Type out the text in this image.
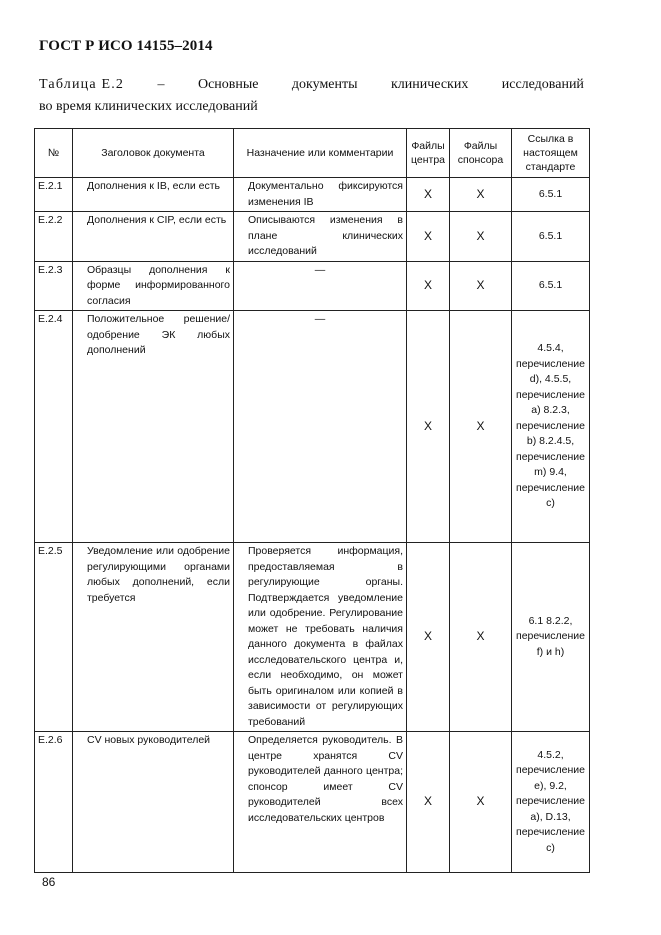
ГОСТ Р ИСО 14155–2014
Таблица Е.2 – Основные документы клинических исследований
во время клинических исследований
№	Заголовок документа	Назначение или комментарии	Файлы центра	Файлы спонсора	Ссылка в настоящем стандарте
Е.2.1	Дополнения к IB, если есть	Документально фиксируются изменения IB	X	X	6.5.1
Е.2.2	Дополнения к CIP, если есть	Описываются изменения в плане клинических исследований	X	X	6.5.1
Е.2.3	Образцы дополнения к форме информированного согласия	—	X	X	6.5.1
Е.2.4	Положительное решение/одобрение ЭК любых дополнений	—	X	X	4.5.4, перечисление d), 4.5.5, перечисление a) 8.2.3, перечисление b) 8.2.4.5, перечисление m) 9.4, перечисление c)
Е.2.5	Уведомление или одобрение регулирующими органами любых дополнений, если требуется	Проверяется информация, предоставляемая в регулирующие органы. Подтверждается уведомление или одобрение. Регулирование может не требовать наличия данного документа в файлах исследовательского центра и, если необходимо, он может быть оригиналом или копией в зависимости от регулирующих требований	X	X	6.1 8.2.2, перечисление f) и h)
Е.2.6	CV новых руководителей	Определяется руководитель. В центре хранятся CV руководителей данного центра; спонсор имеет CV руководителей всех исследовательских центров	X	X	4.5.2, перечисление e), 9.2, перечисление a), D.13, перечисление c)
86
